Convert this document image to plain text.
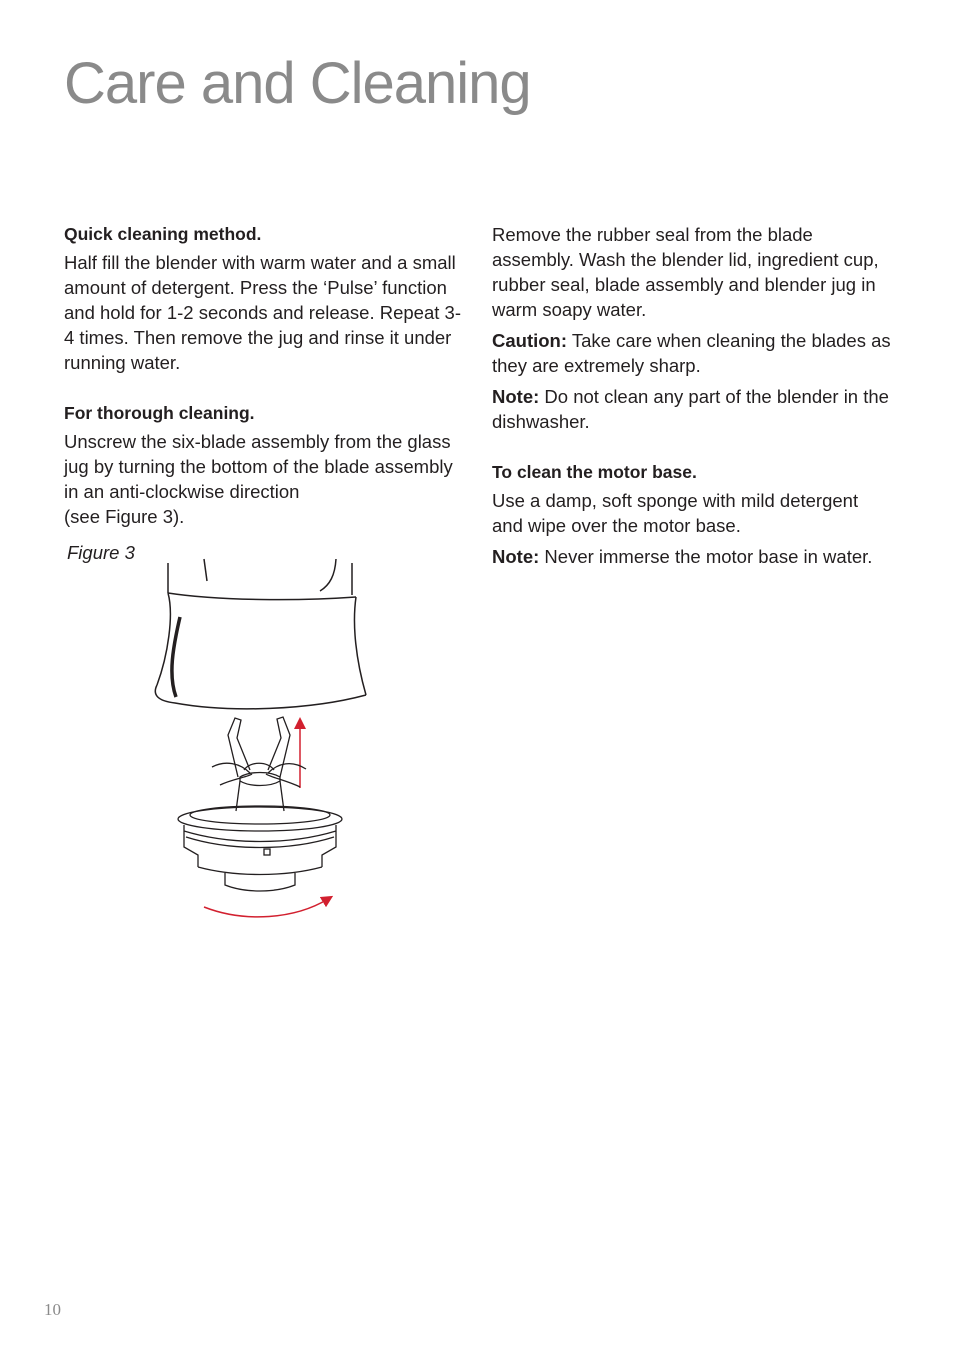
Care and Cleaning

Quick cleaning method.

Half fill the blender with warm water and a small amount of detergent. Press the ‘Pulse’ function and hold for 1-2 seconds and release. Repeat 3-4 times. Then remove the jug and rinse it under running water.

For thorough cleaning.

Unscrew the six-blade assembly from the glass jug by turning the bottom of the blade assembly in an anti-clockwise direction
(see Figure 3).

Figure 3

Remove the rubber seal from the blade assembly. Wash the blender lid, ingredient cup, rubber seal, blade assembly and blender jug in warm soapy water.

Caution: Take care when cleaning the blades as they are extremely sharp.

Note: Do not clean any part of the blender in the dishwasher.

To clean the motor base.

Use a damp, soft sponge with mild detergent and wipe over the motor base.

Note: Never immerse the motor base in water.

10
